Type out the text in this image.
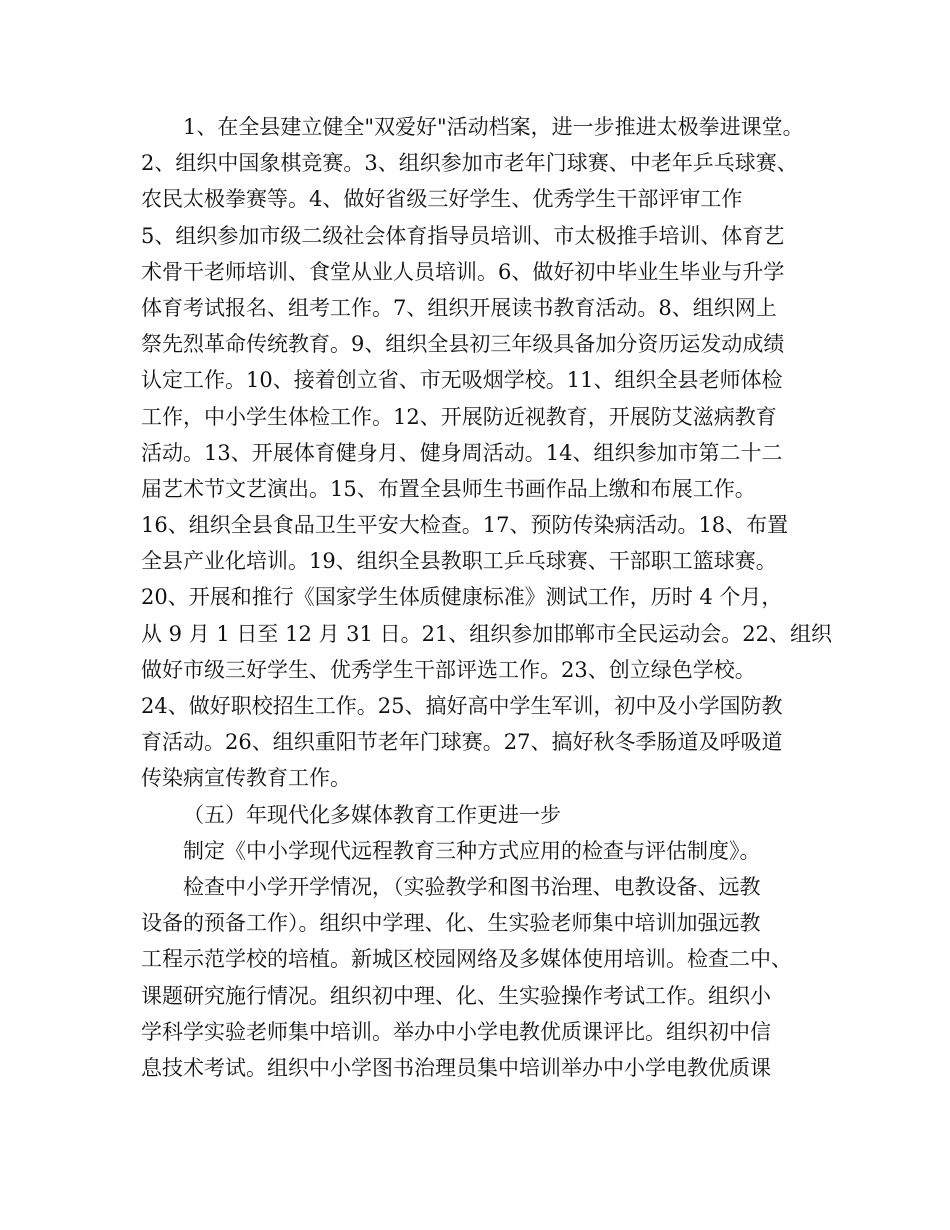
1、在全县建立健全"双爱好"活动档案，进一步推进太极拳进课堂。

2、组织中国象棋竞赛。3、组织参加市老年门球赛、中老年乒乓球赛、

农民太极拳赛等。4、做好省级三好学生、优秀学生干部评审工作

5、组织参加市级二级社会体育指导员培训、市太极推手培训、体育艺

术骨干老师培训、食堂从业人员培训。6、做好初中毕业生毕业与升学

体育考试报名、组考工作。7、组织开展读书教育活动。8、组织网上

祭先烈革命传统教育。9、组织全县初三年级具备加分资历运发动成绩

认定工作。10、接着创立省、市无吸烟学校。11、组织全县老师体检

工作，中小学生体检工作。12、开展防近视教育，开展防艾滋病教育

活动。13、开展体育健身月、健身周活动。14、组织参加市第二十二

届艺术节文艺演出。15、布置全县师生书画作品上缴和布展工作。

16、组织全县食品卫生平安大检查。17、预防传染病活动。18、布置

全县产业化培训。19、组织全县教职工乒乓球赛、干部职工篮球赛。

20、开展和推行《国家学生体质健康标准》测试工作，历时 4 个月，

从 9 月 1 日至 12 月 31 日。21、组织参加邯郸市全民运动会。22、组织

做好市级三好学生、优秀学生干部评选工作。23、创立绿色学校。

24、做好职校招生工作。25、搞好高中学生军训，初中及小学国防教

育活动。26、组织重阳节老年门球赛。27、搞好秋冬季肠道及呼吸道

传染病宣传教育工作。

（五）年现代化多媒体教育工作更进一步

制定《中小学现代远程教育三种方式应用的检查与评估制度》。

检查中小学开学情况，（实验教学和图书治理、电教设备、远教

设备的预备工作）。组织中学理、化、生实验老师集中培训加强远教

工程示范学校的培植。新城区校园网络及多媒体使用培训。检查二中、

课题研究施行情况。组织初中理、化、生实验操作考试工作。组织小

学科学实验老师集中培训。举办中小学电教优质课评比。组织初中信

息技术考试。组织中小学图书治理员集中培训举办中小学电教优质课
